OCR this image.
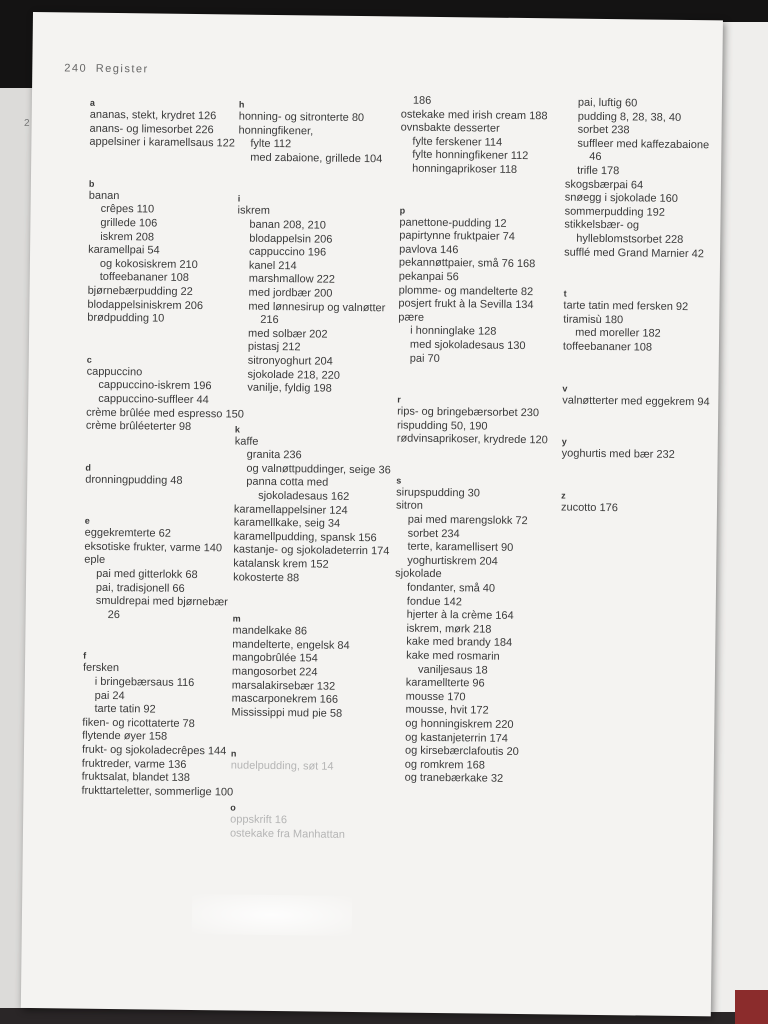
2
240 Register
a
ananas, stekt, krydret 126
anans- og limesorbet 226
appelsiner i karamellsaus 122
b
banan
crêpes 110
grillede 106
iskrem 208
karamellpai 54
og kokosiskrem 210
toffeebananer 108
bjørnebærpudding 22
blodappelsiniskrem 206
brødpudding 10
c
cappuccino
cappuccino-iskrem 196
cappuccino-suffleer 44
crème brûlée med espresso 150
crème brûléeterter 98
d
dronningpudding 48
e
eggekremterte 62
eksotiske frukter, varme 140
eple
pai med gitterlokk 68
pai, tradisjonell 66
smuldrepai med bjørnebær 26
f
fersken
i bringebærsaus 116
pai 24
tarte tatin 92
fiken- og ricottaterte 78
flytende øyer 158
frukt- og sjokoladecrêpes 144
fruktreder, varme 136
fruktsalat, blandet 138
frukttarteletter, sommerlige 100
h
honning- og sitronterte 80
honningfikener,
fylte 112
med zabaione, grillede 104
i
iskrem
banan 208, 210
blodappelsin 206
cappuccino 196
kanel 214
marshmallow 222
med jordbær 200
med lønnesirup og valnøtter 216
med solbær 202
pistasj 212
sitronyoghurt 204
sjokolade 218, 220
vanilje, fyldig 198
k
kaffe
granita 236
og valnøttpuddinger, seige 36
panna cotta med sjokoladesaus 162
karamellappelsiner 124
karamellkake, seig 34
karamellpudding, spansk 156
kastanje- og sjokoladeterrin 174
katalansk krem 152
kokosterte 88
m
mandelkake 86
mandelterte, engelsk 84
mangobrûlée 154
mangosorbet 224
marsalakirsebær 132
mascarponekrem 166
Mississippi mud pie 58
n
nudelpudding, søt 14
o
oppskrift 16
ostekake fra Manhattan
186
ostekake med irish cream 188
ovnsbakte desserter
fylte ferskener 114
fylte honningfikener 112
honningaprikoser 118
p
panettone-pudding 12
papirtynne fruktpaier 74
pavlova 146
pekannøttpaier, små 76 168
pekanpai 56
plomme- og mandelterte 82
posjert frukt à la Sevilla 134
pære
i honninglake 128
med sjokoladesaus 130
pai 70
r
rips- og bringebærsorbet 230
rispudding 50, 190
rødvinsaprikoser, krydrede 120
s
sirupspudding 30
sitron
pai med marengslokk 72
sorbet 234
terte, karamellisert 90
yoghurtiskrem 204
sjokolade
fondanter, små 40
fondue 142
hjerter à la crème 164
iskrem, mørk 218
kake med brandy 184
kake med rosmarin vaniljesaus 18
karamellterte 96
mousse 170
mousse, hvit 172
og honningiskrem 220
og kastanjeterrin 174
og kirsebærclafoutis 20
og romkrem 168
og tranebærkake 32
pai, luftig 60
pudding 8, 28, 38, 40
sorbet 238
suffleer med kaffezabaione 46
trifle 178
skogsbærpai 64
snøegg i sjokolade 160
sommerpudding 192
stikkelsbær- og hylleblomstsorbet 228
sufflé med Grand Marnier 42
t
tarte tatin med fersken 92
tiramisù 180
med moreller 182
toffeebananer 108
v
valnøtterter med eggekrem 94
y
yoghurtis med bær 232
z
zucotto 176
